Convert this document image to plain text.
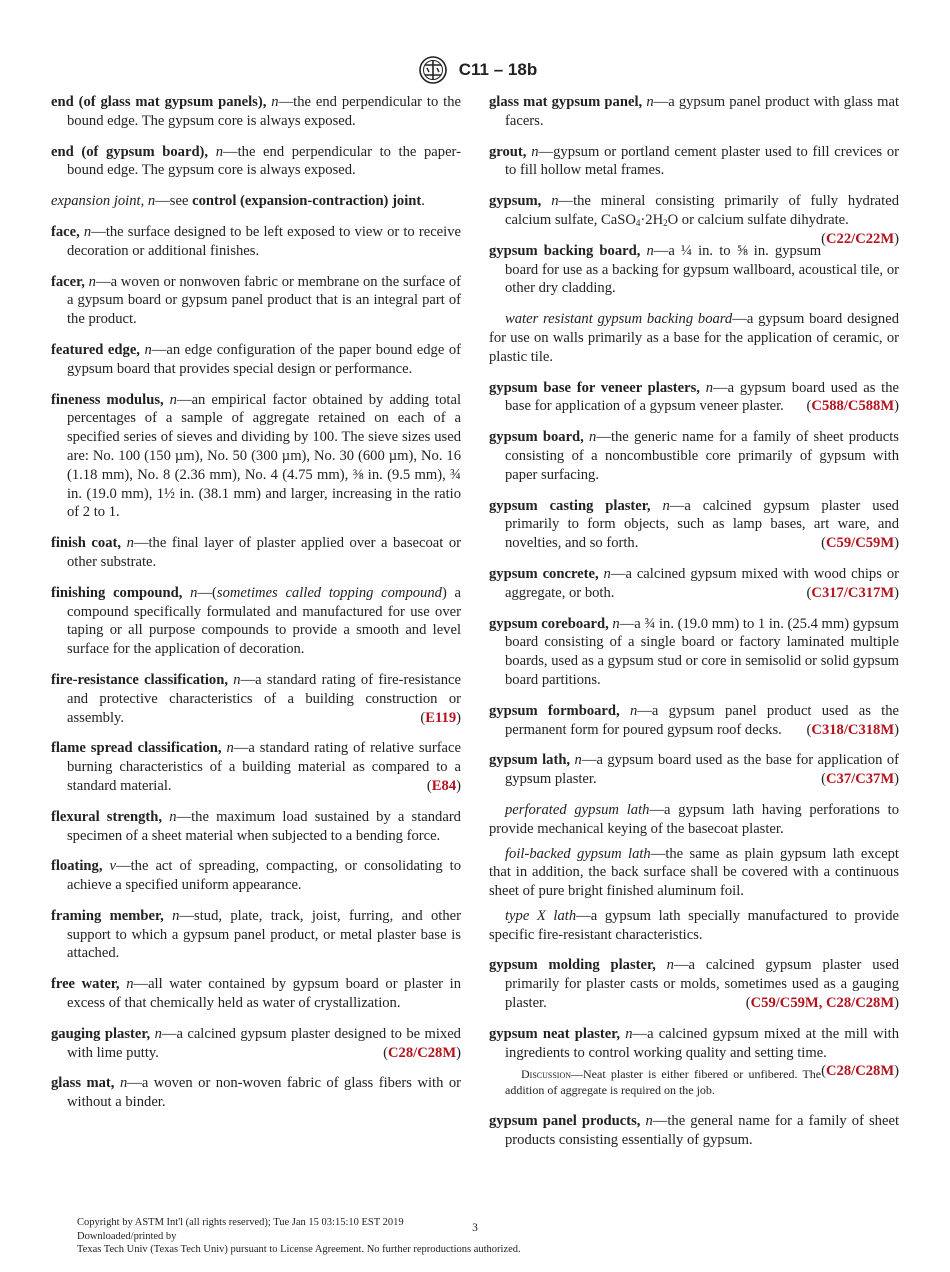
C11 – 18b

end (of glass mat gypsum panels), n—the end perpendicular to the bound edge. The gypsum core is always exposed.

end (of gypsum board), n—the end perpendicular to the paper-bound edge. The gypsum core is always exposed.

expansion joint, n—see control (expansion-contraction) joint.

face, n—the surface designed to be left exposed to view or to receive decoration or additional finishes.

facer, n—a woven or nonwoven fabric or membrane on the surface of a gypsum board or gypsum panel product that is an integral part of the product.

featured edge, n—an edge configuration of the paper bound edge of gypsum board that provides special design or performance.

fineness modulus, n—an empirical factor obtained by adding total percentages of a sample of aggregate retained on each of a specified series of sieves and dividing by 100. The sieve sizes used are: No. 100 (150 µm), No. 50 (300 µm), No. 30 (600 µm), No. 16 (1.18 mm), No. 8 (2.36 mm), No. 4 (4.75 mm), ⅜ in. (9.5 mm), ¾ in. (19.0 mm), 1½ in. (38.1 mm) and larger, increasing in the ratio of 2 to 1.

finish coat, n—the final layer of plaster applied over a basecoat or other substrate.

finishing compound, n—(sometimes called topping compound) a compound specifically formulated and manufactured for use over taping or all purpose compounds to provide a smooth and level surface for the application of decoration.

fire-resistance classification, n—a standard rating of fire-resistance and protective characteristics of a building construction or assembly.	(E119)

flame spread classification, n—a standard rating of relative surface burning characteristics of a building material as compared to a standard material.	(E84)

flexural strength, n—the maximum load sustained by a standard specimen of a sheet material when subjected to a bending force.

floating, v—the act of spreading, compacting, or consolidating to achieve a specified uniform appearance.

framing member, n—stud, plate, track, joist, furring, and other support to which a gypsum panel product, or metal plaster base is attached.

free water, n—all water contained by gypsum board or plaster in excess of that chemically held as water of crystallization.

gauging plaster, n—a calcined gypsum plaster designed to be mixed with lime putty.	(C28/C28M)

glass mat, n—a woven or non-woven fabric of glass fibers with or without a binder.

glass mat gypsum panel, n—a gypsum panel product with glass mat facers.

grout, n—gypsum or portland cement plaster used to fill crevices or to fill hollow metal frames.

gypsum, n—the mineral consisting primarily of fully hydrated calcium sulfate, $CaSO_4\cdot 2H_2O$ or calcium sulfate dihydrate.
(C22/C22M)

gypsum backing board, n—a ¼ in. to ⅝ in. gypsum board for use as a backing for gypsum wallboard, acoustical tile, or other dry cladding.

water resistant gypsum backing board—a gypsum board designed for use on walls primarily as a base for the application of ceramic, or plastic tile.

gypsum base for veneer plasters, n—a gypsum board used as the base for application of a gypsum veneer plaster. (C588/C588M)

gypsum board, n—the generic name for a family of sheet products consisting of a noncombustible core primarily of gypsum with paper surfacing.

gypsum casting plaster, n—a calcined gypsum plaster used primarily to form objects, such as lamp bases, art ware, and novelties, and so forth.	(C59/C59M)

gypsum concrete, n—a calcined gypsum mixed with wood chips or aggregate, or both.	(C317/C317M)

gypsum coreboard, n—a ¾ in. (19.0 mm) to 1 in. (25.4 mm) gypsum board consisting of a single board or factory laminated multiple boards, used as a gypsum stud or core in semisolid or solid gypsum board partitions.

gypsum formboard, n—a gypsum panel product used as the permanent form for poured gypsum roof decks. (C318/C318M)

gypsum lath, n—a gypsum board used as the base for application of gypsum plaster.	(C37/C37M)

perforated gypsum lath—a gypsum lath having perforations to provide mechanical keying of the basecoat plaster.

foil-backed gypsum lath—the same as plain gypsum lath except that in addition, the back surface shall be covered with a continuous sheet of pure bright finished aluminum foil.

type X lath—a gypsum lath specially manufactured to provide specific fire-resistant characteristics.

gypsum molding plaster, n—a calcined gypsum plaster used primarily for plaster casts or molds, sometimes used as a gauging plaster.	(C59/C59M, C28/C28M)

gypsum neat plaster, n—a calcined gypsum mixed at the mill with ingredients to control working quality and setting time.
(C28/C28M)

Discussion—Neat plaster is either fibered or unfibered. The addition of aggregate is required on the job.

gypsum panel products, n—the general name for a family of sheet products consisting essentially of gypsum.

3
Copyright by ASTM Int'l (all rights reserved); Tue Jan 15 03:15:10 EST 2019
Downloaded/printed by
Texas Tech Univ (Texas Tech Univ) pursuant to License Agreement. No further reproductions authorized.
